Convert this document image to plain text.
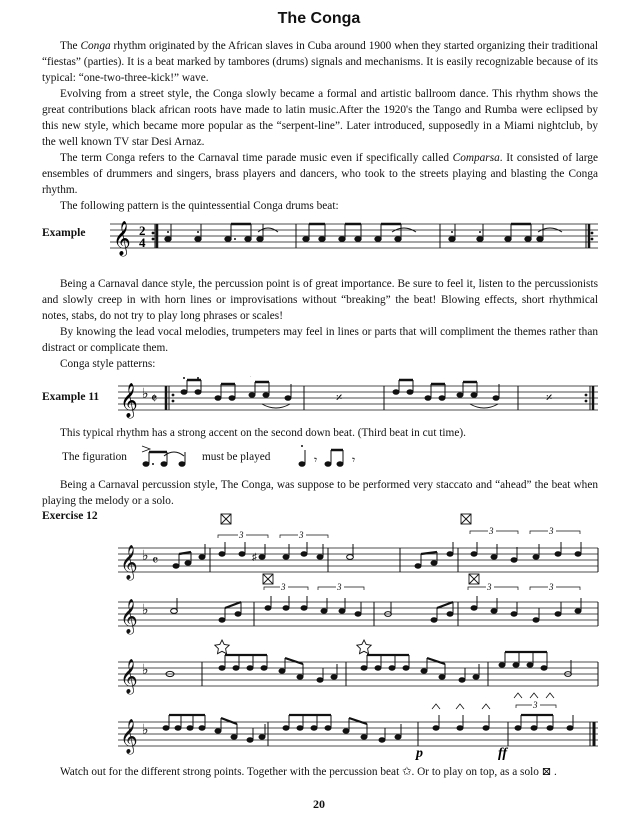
The Conga

The Conga rhythm originated by the African slaves in Cuba around 1900 when they started organizing their traditional “fiestas” (parties). It is a beat marked by tambores (drums) signals and mechanisms. It is easily recognizable because of its typical: “one-two-three-kick!” wave.

Evolving from a street style, the Conga slowly became a formal and artistic ballroom dance. This rhythm shows the great contributions black african roots have made to latin music.After the 1920's the Tango and Rumba were eclipsed by this new style, which became more popular as the “serpent-line”. Later introduced, supposedly in a Miami nightclub, by the well known TV star Desi Arnaz.

The term Conga refers to the Carnaval time parade music even if specifically called Comparsa. It consisted of large ensembles of drummers and singers, brass players and dancers, who took to the streets playing and blasting the Conga rhythm.

The following pattern is the quintessential Conga drums beat:

Example 𝄞 2
4

Being a Carnaval dance style, the percussion point is of great importance. Be sure to feel it, listen to the percussionists and slowly creep in with horn lines or improvisations without “breaking” the beat! Blowing effects, short rhythmical notes, stabs, do not try to play long phrases or scales!

By knowing the lead vocal melodies, trumpeters may feel in lines or parts that will compliment the themes rather than distract or complicate them.

Conga style patterns:

Example 11 𝄞 ♭ 𝄵	𝄎	𝄎

This typical rhythm has a strong accent on the second down beat. (Third beat in cut time).

The figuration	must be played	𝄾	𝄾

Being a Carnaval percussion style, The Conga, was suppose to be performed very staccato and “ahead” the beat when playing the melody or a solo.

Exercise 12
𝄞
𝄞
𝄞
𝄞
♭
♭
♭
♭
𝄴	♯
3	3	3	3
3	3	3	3
3
p	ff

Watch out for the different strong points. Together with the percussion beat ✩. Or to play on top, as a solo ⊠ .

20
